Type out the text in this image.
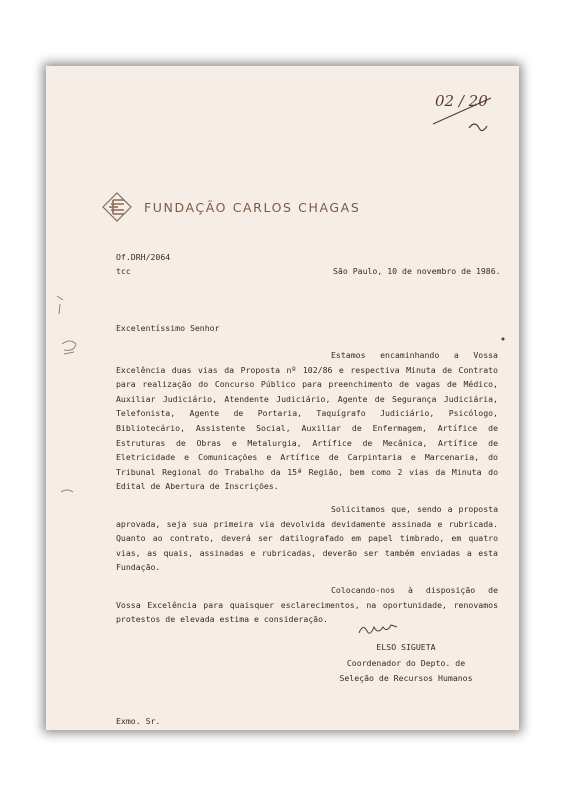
02 / 20
FUNDAÇÃO CARLOS CHAGAS
Of.DRH/2064
tcc	São Paulo, 10 de novembro de 1986.
Excelentíssimo Senhor

Estamos encaminhando a Vossa Excelência duas vias da Proposta nº 102/86 e respectiva Minuta de Contrato para realização do Concurso Público para preenchimento de vagas de Médico, Auxiliar Judiciário, Atendente Judiciário, Agente de Segurança Judiciária, Telefonista, Agente de Portaria, Taquígrafo Judiciário, Psicólogo, Bibliotecário, Assistente Social, Auxiliar de Enfermagem, Artífice de Estruturas de Obras e Metalurgia, Artífice de Mecânica, Artífice de Eletricidade e Comunicações e Artífice de Carpintaria e Marcenaria, do Tribunal Regional do Trabalho da 15ª Região, bem como 2 vias da Minuta do Edital de Abertura de Inscrições.

Solicitamos que, sendo a proposta aprovada, seja sua primeira via devolvida devidamente assinada e rubricada. Quanto ao contrato, deverá ser datilografado em papel timbrado, em quatro vias, as quais, assinadas e rubricadas, deverão ser também enviadas a esta Fundação.

Colocando-nos à disposição de Vossa Excelência para quaisquer esclarecimentos, na oportunidade, renovamos protestos de elevada estima e consideração.

ELSO SIGUETA
Coordenador do Depto. de
Seleção de Recursos Humanos
Exmo. Sr.
